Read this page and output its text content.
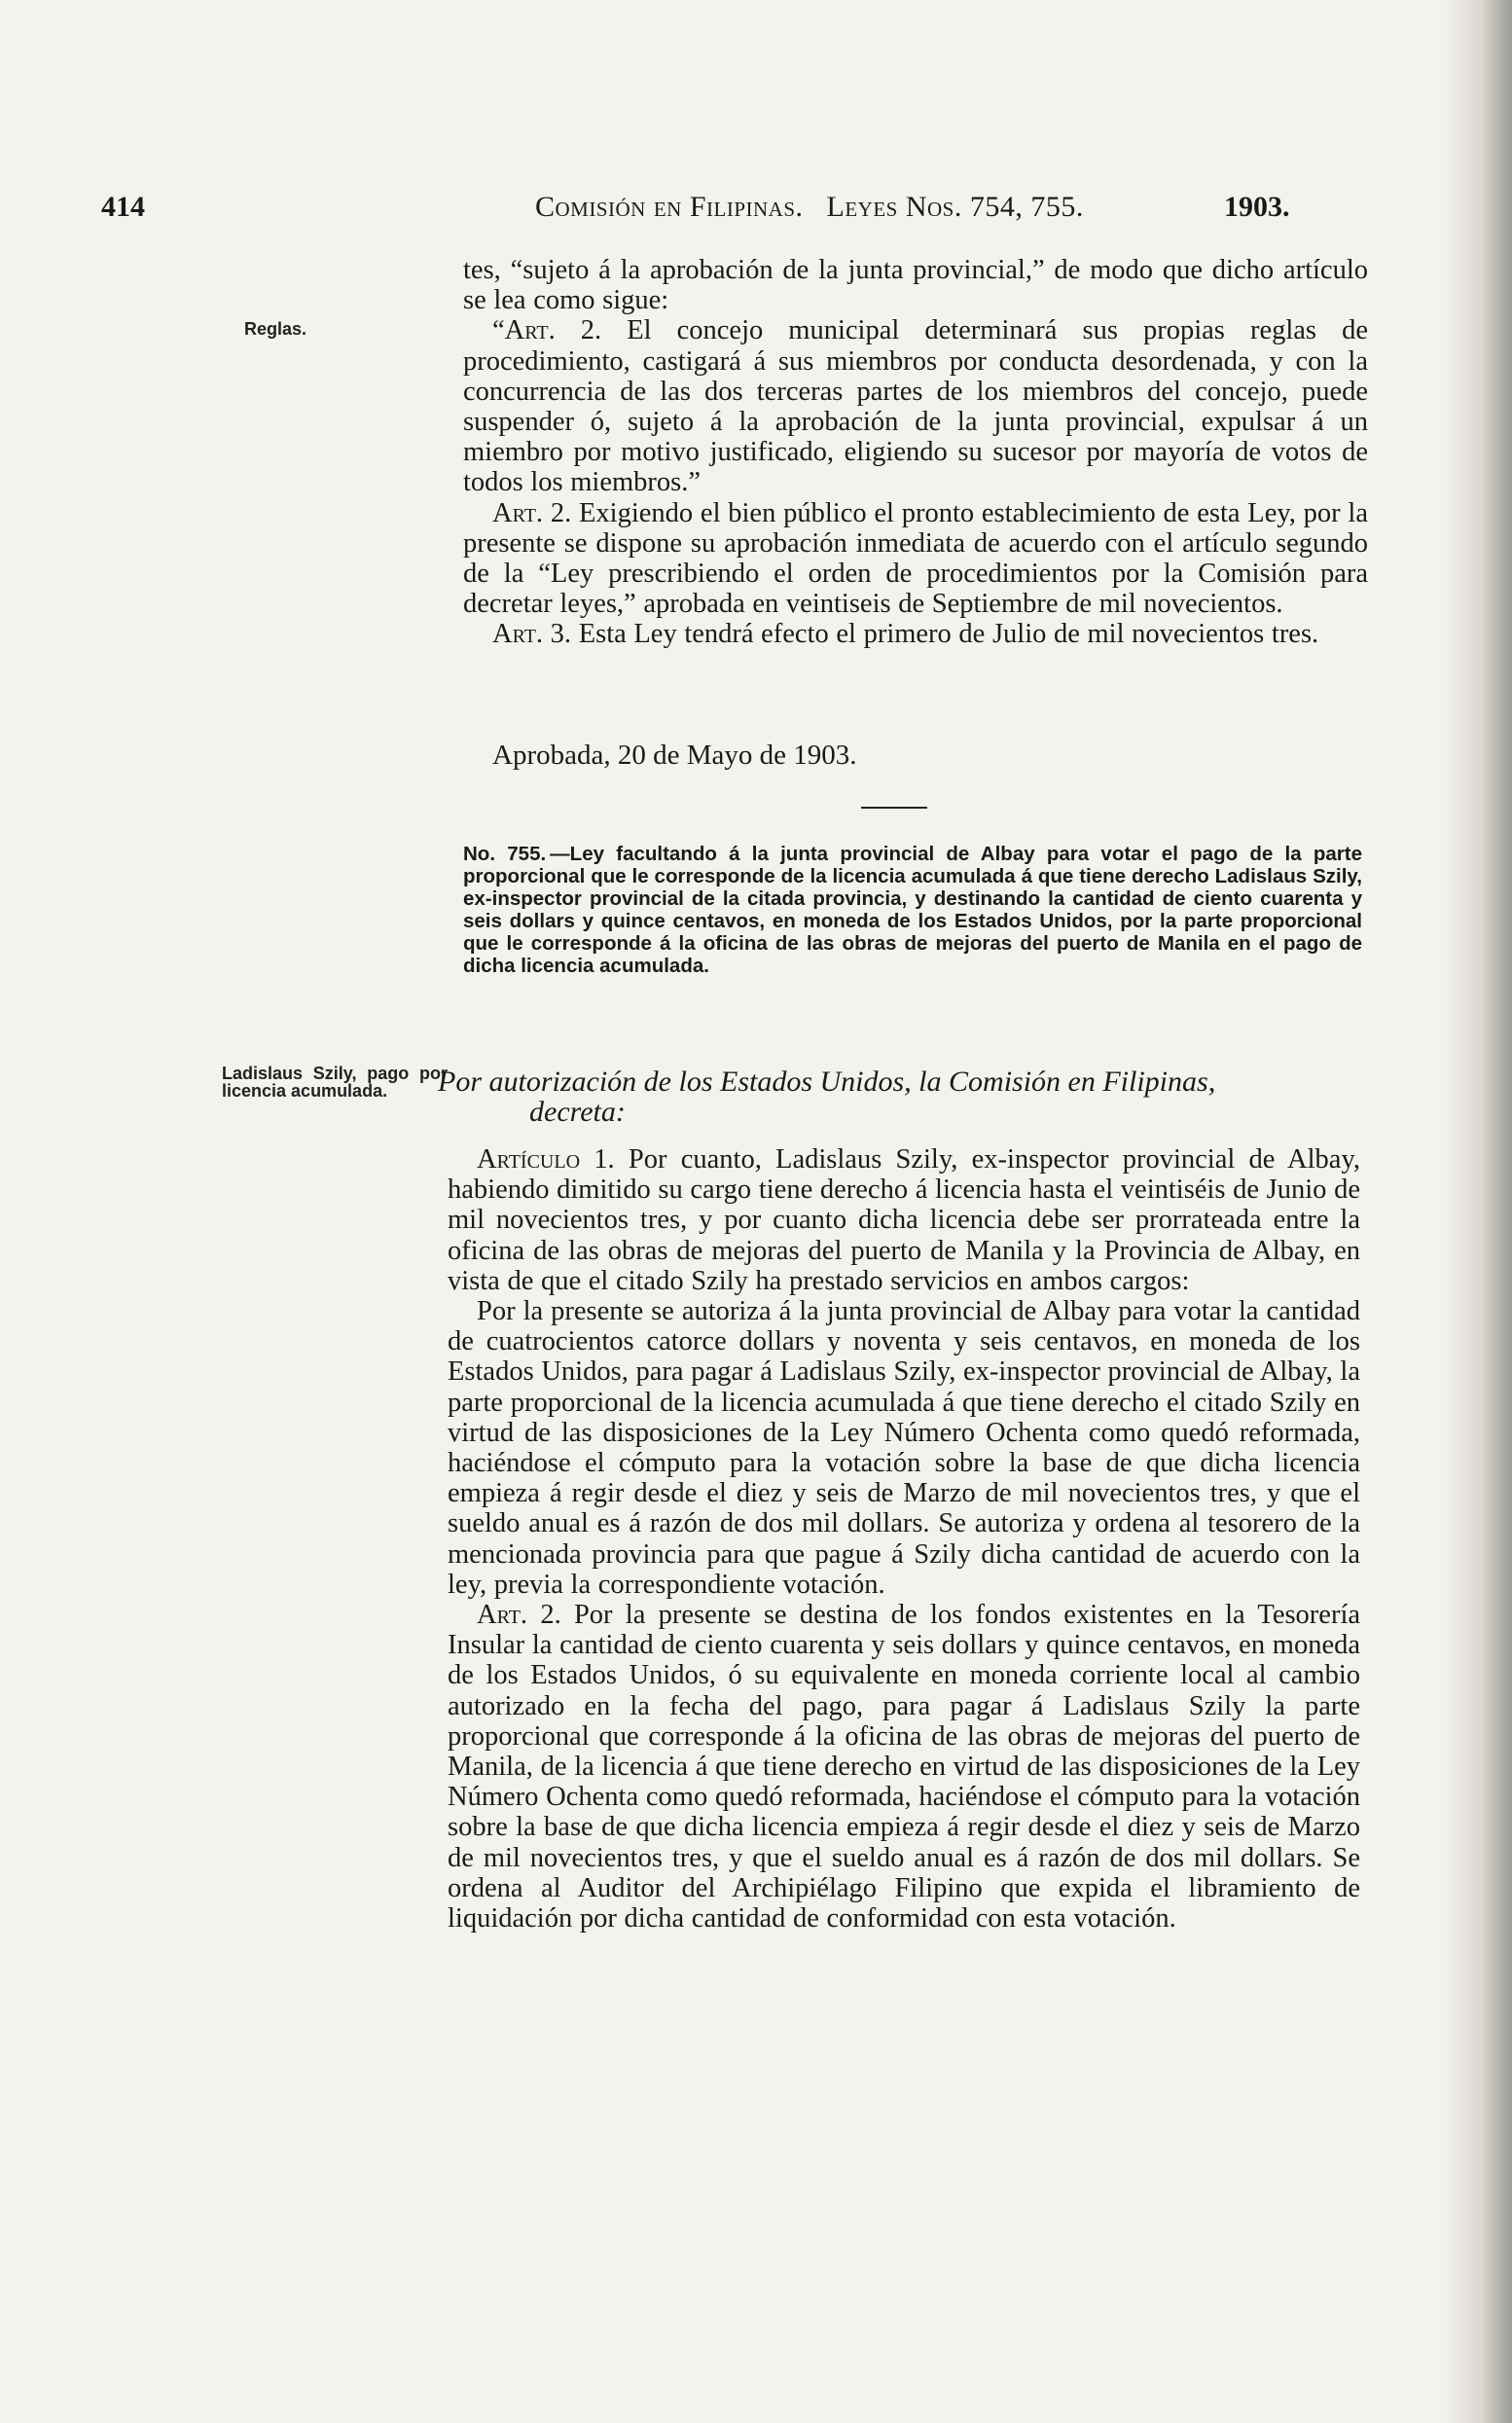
414	Comisión en Filipinas. Leyes Nos. 754, 755.	1903.
Reglas.
Ladislaus Szily, pago por licencia acumulada.

tes, “sujeto á la aprobación de la junta provincial,” de modo que dicho artículo se lea como sigue:

“Art. 2. El concejo municipal determinará sus propias reglas de procedimiento, castigará á sus miembros por conducta desordenada, y con la concurrencia de las dos terceras partes de los miembros del concejo, puede suspender ó, sujeto á la aprobación de la junta provincial, expulsar á un miembro por motivo justificado, eligiendo su sucesor por mayoría de votos de todos los miembros.”

Art. 2. Exigiendo el bien público el pronto establecimiento de esta Ley, por la presente se dispone su aprobación inmediata de acuerdo con el artículo segundo de la “Ley prescribiendo el orden de procedimientos por la Comisión para decretar leyes,” aprobada en veintiseis de Septiembre de mil novecientos.

Art. 3. Esta Ley tendrá efecto el primero de Julio de mil novecientos tres.

Aprobada, 20 de Mayo de 1903.
No. 755. —Ley facultando á la junta provincial de Albay para votar el pago de la parte proporcional que le corresponde de la licencia acumulada á que tiene derecho Ladislaus Szily, ex-inspector provincial de la citada provincia, y destinando la cantidad de ciento cuarenta y seis dollars y quince centavos, en moneda de los Estados Unidos, por la parte proporcional que le corresponde á la oficina de las obras de mejoras del puerto de Manila en el pago de dicha licencia acumulada.
Por autorización de los Estados Unidos, la Comisión en Filipinas,
decreta:

Artículo 1. Por cuanto, Ladislaus Szily, ex-inspector provincial de Albay, habiendo dimitido su cargo tiene derecho á licencia hasta el veintiséis de Junio de mil novecientos tres, y por cuanto dicha licencia debe ser prorrateada entre la oficina de las obras de mejoras del puerto de Manila y la Provincia de Albay, en vista de que el citado Szily ha prestado servicios en ambos cargos:

Por la presente se autoriza á la junta provincial de Albay para votar la cantidad de cuatrocientos catorce dollars y noventa y seis centavos, en moneda de los Estados Unidos, para pagar á Ladislaus Szily, ex-inspector provincial de Albay, la parte proporcional de la licencia acumulada á que tiene derecho el citado Szily en virtud de las disposiciones de la Ley Número Ochenta como quedó reformada, haciéndose el cómputo para la votación sobre la base de que dicha licencia empieza á regir desde el diez y seis de Marzo de mil novecientos tres, y que el sueldo anual es á razón de dos mil dollars. Se autoriza y ordena al tesorero de la mencionada provincia para que pague á Szily dicha cantidad de acuerdo con la ley, previa la correspondiente votación.

Art. 2. Por la presente se destina de los fondos existentes en la Tesorería Insular la cantidad de ciento cuarenta y seis dollars y quince centavos, en moneda de los Estados Unidos, ó su equivalente en moneda corriente local al cambio autorizado en la fecha del pago, para pagar á Ladislaus Szily la parte proporcional que corresponde á la oficina de las obras de mejoras del puerto de Manila, de la licencia á que tiene derecho en virtud de las disposiciones de la Ley Número Ochenta como quedó reformada, haciéndose el cómputo para la votación sobre la base de que dicha licencia empieza á regir desde el diez y seis de Marzo de mil novecientos tres, y que el sueldo anual es á razón de dos mil dollars. Se ordena al Auditor del Archipiélago Filipino que expida el libramiento de liquidación por dicha cantidad de conformidad con esta votación.
